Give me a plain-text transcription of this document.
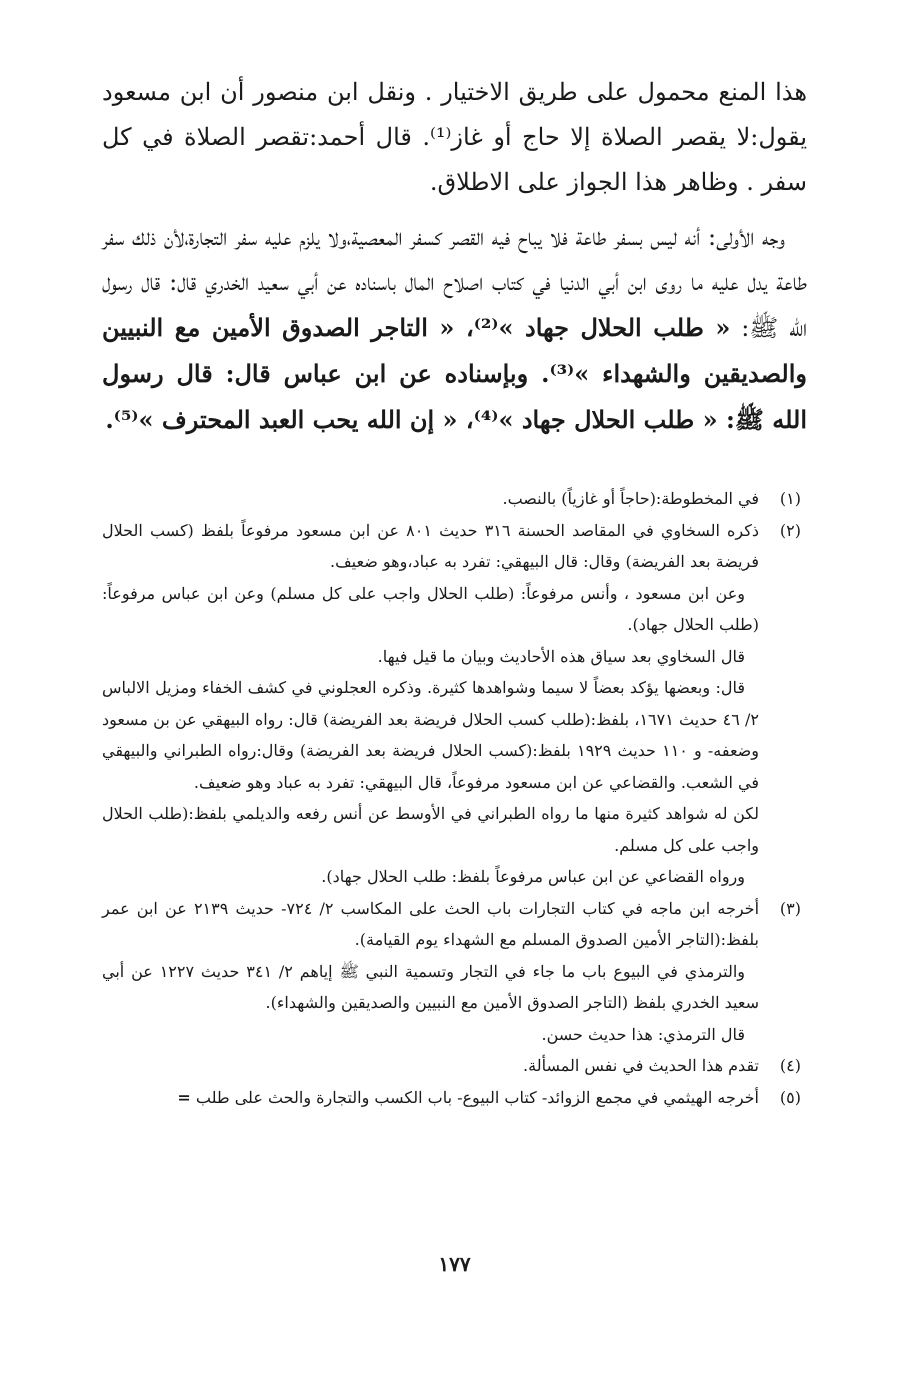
هذا المنع محمول على طريق الاختيار . ونقل ابن منصور أن ابن مسعود يقول:لا يقصر الصلاة إلا حاج أو غاز⁽¹⁾. قال أحمد:تقصر الصلاة في كل سفر . وظاهر هذا الجواز على الاطلاق.

وجه الأولى: أنه ليس بسفر طاعة فلا يباح فيه القصر كسفر المعصية،ولا يلزم عليه سفر التجارة،لأن ذلك سفر طاعة يدل عليه ما روى ابن أبي الدنيا في كتاب اصلاح المال باسناده عن أبي سعيد الخدري قال: قال رسول الله ﷺ: « طلب الحلال جهاد »⁽²⁾، « التاجر الصدوق الأمين مع النبيين والصديقين والشهداء »⁽³⁾. وبإسناده عن ابن عباس قال: قال رسول الله ﷺ: « طلب الحلال جهاد »⁽⁴⁾، « إن الله يحب العبد المحترف »⁽⁵⁾.

(١)

في المخطوطة:(حاجاً أو غازياً) بالنصب.

(٢)

ذكره السخاوي في المقاصد الحسنة ٣١٦ حديث ٨٠١ عن ابن مسعود مرفوعاً بلفظ (كسب الحلال فريضة بعد الفريضة) وقال: قال البيهقي: تفرد به عباد،وهو ضعيف.

وعن ابن مسعود ، وأنس مرفوعاً: (طلب الحلال واجب على كل مسلم) وعن ابن عباس مرفوعاً: (طلب الحلال جهاد).

قال السخاوي بعد سياق هذه الأحاديث وبيان ما قيل فيها.

قال: وبعضها يؤكد بعضاً لا سيما وشواهدها كثيرة. وذكره العجلوني في كشف الخفاء ومزيل الالباس ٢/ ٤٦ حديث ١٦٧١، بلفظ:(طلب كسب الحلال فريضة بعد الفريضة) قال: رواه البيهقي عن بن مسعود وضعفه- و ١١٠ حديث ١٩٢٩ بلفظ:(كسب الحلال فريضة بعد الفريضة) وقال:رواه الطبراني والبيهقي في الشعب. والقضاعي عن ابن مسعود مرفوعاً، قال البيهقي: تفرد به عباد وهو ضعيف.

لكن له شواهد كثيرة منها ما رواه الطبراني في الأوسط عن أنس رفعه والديلمي بلفظ:(طلب الحلال واجب على كل مسلم.

ورواه القضاعي عن ابن عباس مرفوعاً بلفظ: طلب الحلال جهاد).

(٣)

أخرجه ابن ماجه في كتاب التجارات باب الحث على المكاسب ٢/ ٧٢٤- حديث ٢١٣٩ عن ابن عمر بلفظ:(التاجر الأمين الصدوق المسلم مع الشهداء يوم القيامة).

والترمذي في البيوع باب ما جاء في التجار وتسمية النبي ﷺ إياهم ٢/ ٣٤١ حديث ١٢٢٧ عن أبي سعيد الخدري بلفظ (التاجر الصدوق الأمين مع النبيين والصديقين والشهداء).

قال الترمذي: هذا حديث حسن.

(٤)

تقدم هذا الحديث في نفس المسألة.

(٥)

أخرجه الهيثمي في مجمع الزوائد- كتاب البيوع- باب الكسب والتجارة والحث على طلب =

١٧٧
